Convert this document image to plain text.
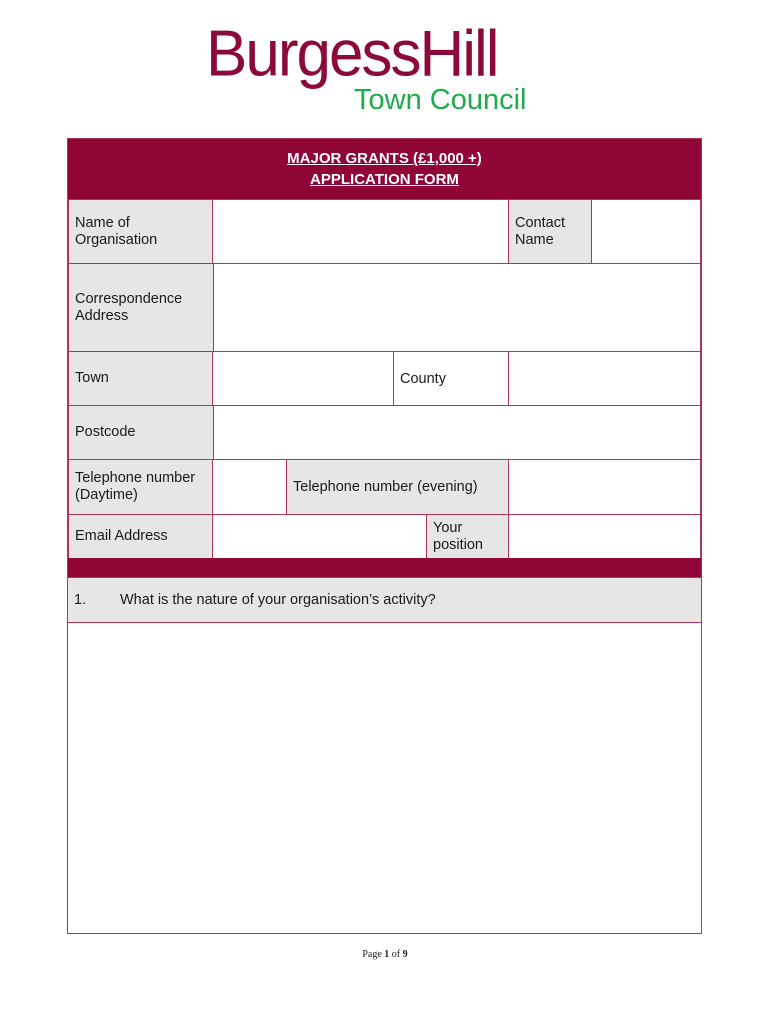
BurgessHill
Town Council
MAJOR GRANTS (£1,000 +)
APPLICATION FORM
Name of
Organisation
Contact
Name
Correspondence
Address
Town	County
Postcode
Telephone number
(Daytime)
Telephone number (evening)
Email Address
Your
position
1.	What is the nature of your organisation’s activity?
Page 1 of 9
